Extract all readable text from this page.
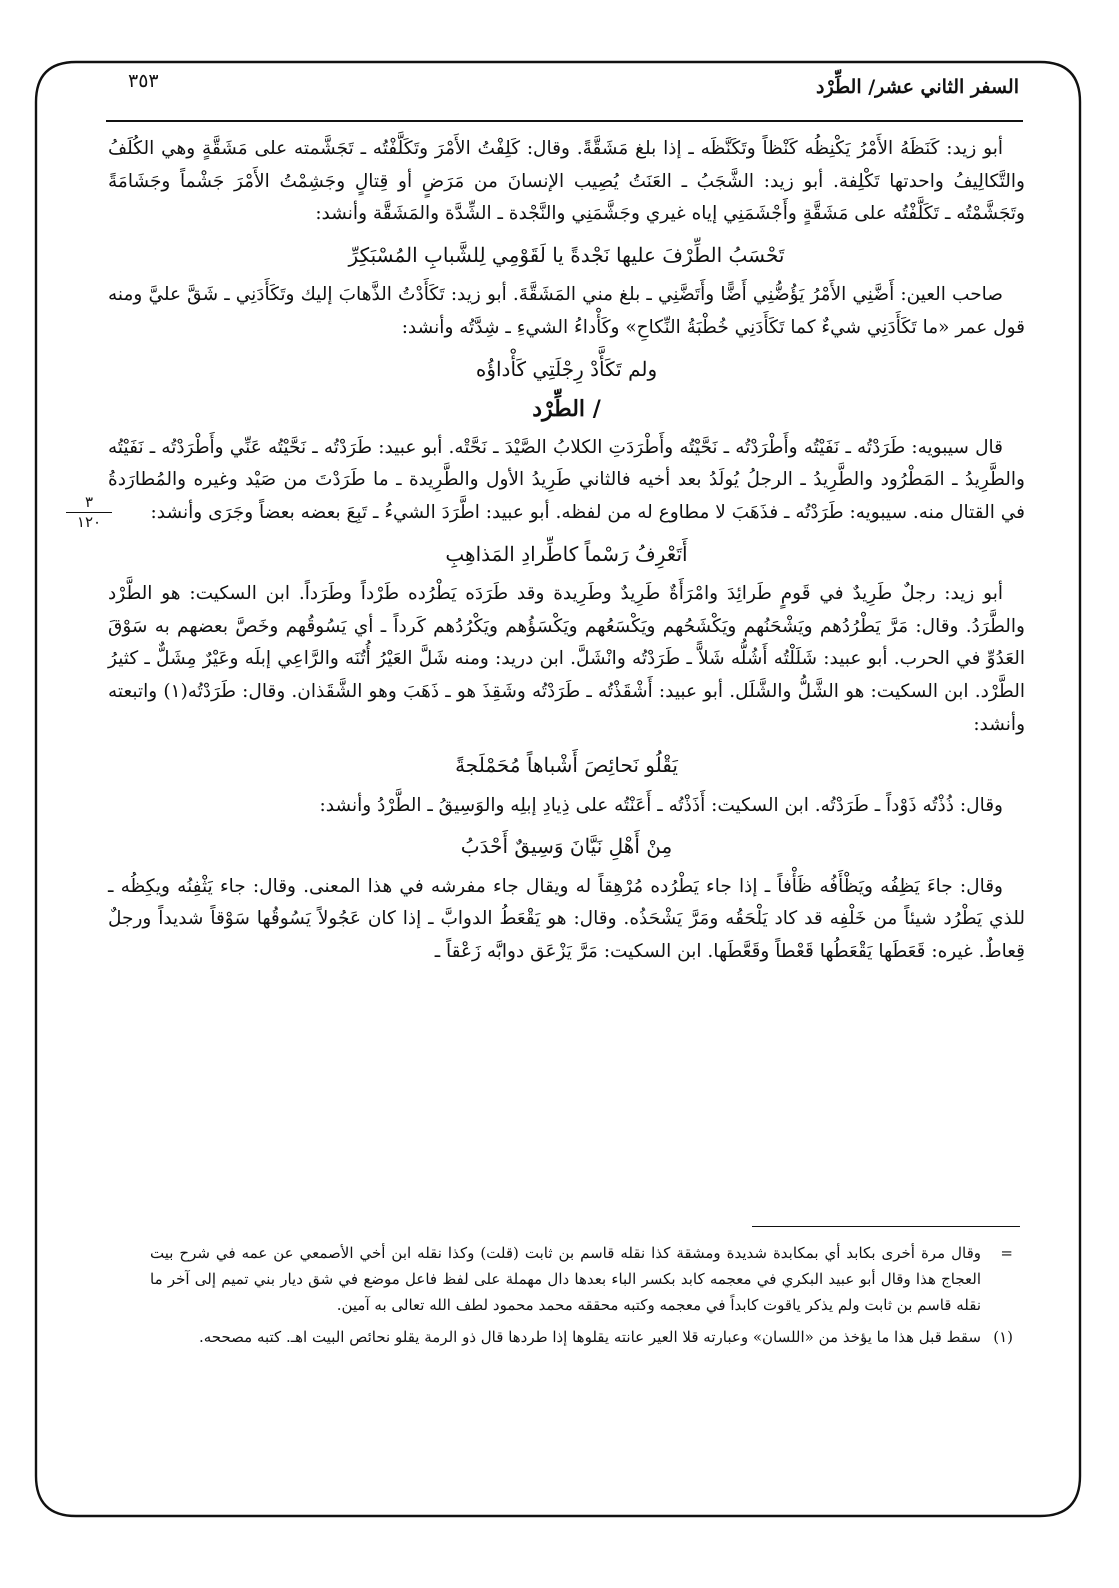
٣٥٣	السفر الثاني عشر/ الطِّرْد
٣
١٢٠

أبو زيد: كَنَظَهُ الأَمْرُ يَكْنِظُه كَنْظاً وتَكَنَّظَه ـ إذا بلغ مَشَقَّةً. وقال: كَلِفْتُ الأَمْرَ وتَكَلَّفْتُه ـ تَجَشَّمته على مَشَقَّةٍ وهي الكُلَفُ والتَّكالِيفُ واحدتها تَكْلِفة. أبو زيد: الشَّجَبُ ـ العَنَتُ يُصِيب الإنسانَ من مَرَضٍ أو قِتالٍ وجَشِمْتُ الأَمْرَ جَشْماً وجَشَامَةً وتَجَشَّمْتُه ـ تَكَلَّفْتُه على مَشَقَّةٍ وأَجْشَمَنِي إياه غيري وجَشَّمَنِي والنَّجْدة ـ الشِّدَّة والمَشَقَّة وأنشد:

تَحْسَبُ الطِّرْفَ عليها نَجْدةً يا لَقَوْمِي لِلشَّبابِ المُسْبَكِرِّ

صاحب العين: أَضَّنِي الأَمْرُ يَؤُضُّنِي أَضًّا وأَتَضَّنِي ـ بلغ مني المَشَقَّةَ. أبو زيد: تَكَأَدْتُ الذَّهابَ إليك وتَكَأَدَنِي ـ شَقَّ عليَّ ومنه قول عمر «ما تَكَأَدَنِي شيءٌ كما تَكَأَدَنِي خُطْبَةُ النِّكاحِ» وكَأْداءُ الشيءِ ـ شِدَّتُه وأنشد:

ولم تَكَأَّدْ رِجْلَتِي كَأْداؤُه
/ الطِّرْد

قال سيبويه: طَرَدْتُه ـ نَفَيْتُه وأَطْرَدْتُه ـ نَحَّيْتُه وأَطْرَدَتِ الكلابُ الصَّيْدَ ـ نَحَّتْه. أبو عبيد: طَرَدْتُه ـ نَحَّيْتُه عَنِّي وأَطْرَدْتُه ـ نَفَيْتُه والطَّرِيدُ ـ المَطْرُود والطَّرِيدُ ـ الرجلُ يُولَدُ بعد أخيه فالثاني طَرِيدُ الأول والطَّرِيدة ـ ما طَرَدْتَ من صَيْد وغيره والمُطارَدةُ في القتال منه. سيبويه: طَرَدْتُه ـ فذَهَبَ لا مطاوع له من لفظه. أبو عبيد: اطَّرَدَ الشيءُ ـ تَبِعَ بعضه بعضاً وجَرَى وأنشد:

أَتَعْرِفُ رَسْماً كاطِّرادِ المَذاهِبِ

أبو زيد: رجلٌ طَرِيدٌ في قَومٍ طَرائِدَ وامْرَأَةٌ طَرِيدٌ وطَرِيدة وقد طَرَدَه يَطْرُده طَرْداً وطَرَداً. ابن السكيت: هو الطَّرْد والطَّرَدُ. وقال: مَرَّ يَطْرُدُهم ويَشْحَنُهم ويَكْشَحُهم ويَكْسَعُهم ويَكْسَؤُهم ويَكْرُدُهم كَرداً ـ أي يَسُوقُهم وخَصَّ بعضهم به سَوْقَ العَدُوِّ في الحرب. أبو عبيد: شَلَلْتُه أَشُلُّه شَلاًّ ـ طَرَدْتُه وانْشَلَّ. ابن دريد: ومنه شَلَّ العَيْرُ أُتُنَه والرَّاعِي إبلَه وعَيْرٌ مِشَلٌّ ـ كثيرُ الطَّرْد. ابن السكيت: هو الشَّلُّ والشَّلَل. أبو عبيد: أَشْقَذْتُه ـ طَرَدْتُه وشَقِذَ هو ـ ذَهَبَ وهو الشَّقَذان. وقال: طَرَدْتُه(١) واتبعته وأنشد:

يَقْلُو نَحائِصَ أَشْباهاً مُحَمْلَجةً

وقال: ذُذْتُه ذَوْداً ـ طَرَدْتُه. ابن السكيت: أَذَذْتُه ـ أَعَنْتُه على ذِيادِ إبلِه والوَسِيقُ ـ الطَّرْدُ وأنشد:

مِنْ أَهْلِ نَيَّانَ وَسِيقٌ أَحْدَبُ

وقال: جاءَ يَظِفُه ويَظْأَفُه ظَأْفاً ـ إذا جاء يَطْرُده مُرْهِقاً له ويقال جاء مفرشه في هذا المعنى. وقال: جاء يَثْفِنُه ويكِظُه ـ للذي يَطْرُد شيئاً من خَلْفِه قد كاد يَلْحَقُه ومَرَّ يَشْحَذُه. وقال: هو يَقْعَطُ الدوابَّ ـ إذا كان عَجُولاً يَسُوقُها سَوْقاً شديداً ورجلٌ قِعاطٌ. غيره: قَعَطَها يَقْعَطُها قَعْطاً وقَعَّطَها. ابن السكيت: مَرَّ يَزْعَق دوابَّه زَعْقاً ـ

=
وقال مرة أخرى بكابد أي بمكابدة شديدة ومشقة كذا نقله قاسم بن ثابت (قلت) وكذا نقله ابن أخي الأصمعي عن عمه في شرح بيت العجاج هذا وقال أبو عبيد البكري في معجمه كابد بكسر الباء بعدها دال مهملة على لفظ فاعل موضع في شق ديار بني تميم إلى آخر ما نقله قاسم بن ثابت ولم يذكر ياقوت كابداً في معجمه وكتبه محققه محمد محمود لطف الله تعالى به آمين.
(١)
سقط قبل هذا ما يؤخذ من «اللسان» وعبارته قلا العير عانته يقلوها إذا طردها قال ذو الرمة يقلو نحائص البيت اهـ. كتبه مصححه.
